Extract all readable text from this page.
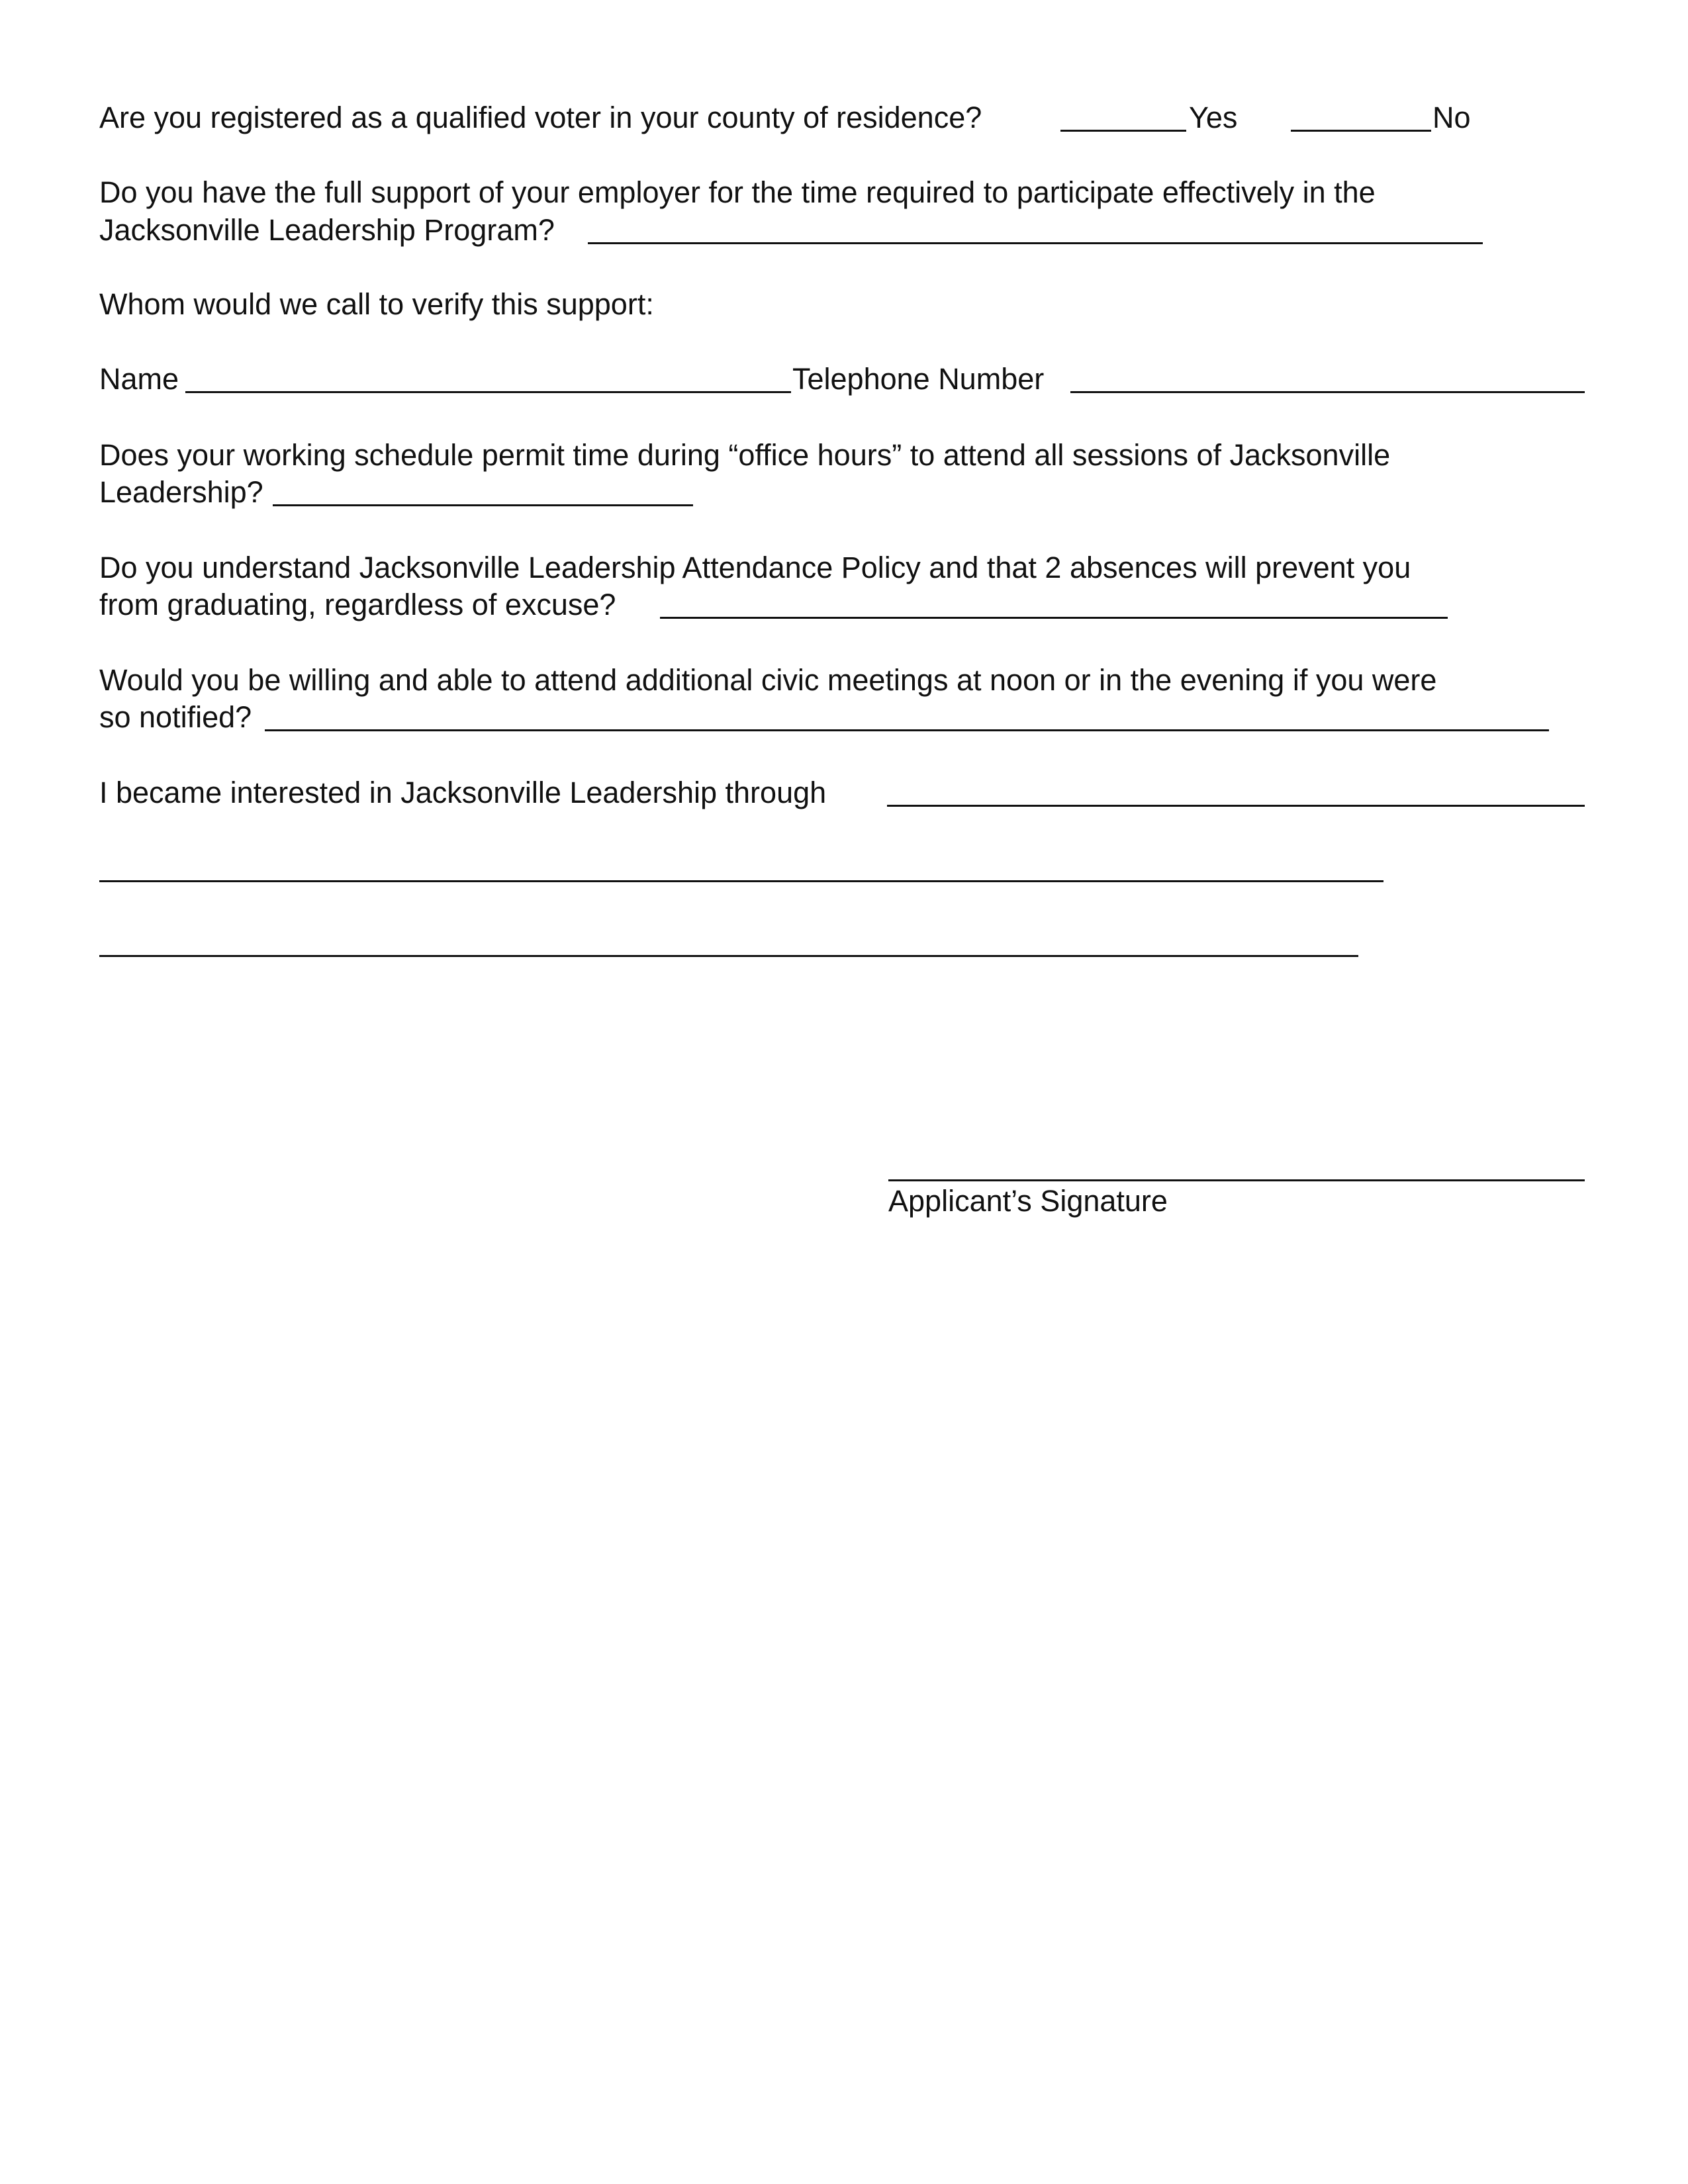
Are you registered as a qualified voter in your county of residence?	Yes	No
Do you have the full support of your employer for the time required to participate effectively in the
Jacksonville Leadership Program?
Whom would we call to verify this support:
Name	Telephone Number
Does your working schedule permit time during “office hours” to attend all sessions of Jacksonville
Leadership?
Do you understand Jacksonville Leadership Attendance Policy and that 2 absences will prevent you
from graduating, regardless of excuse?
Would you be willing and able to attend additional civic meetings at noon or in the evening if you were
so notified?
I became interested in Jacksonville Leadership through
Applicant’s Signature
